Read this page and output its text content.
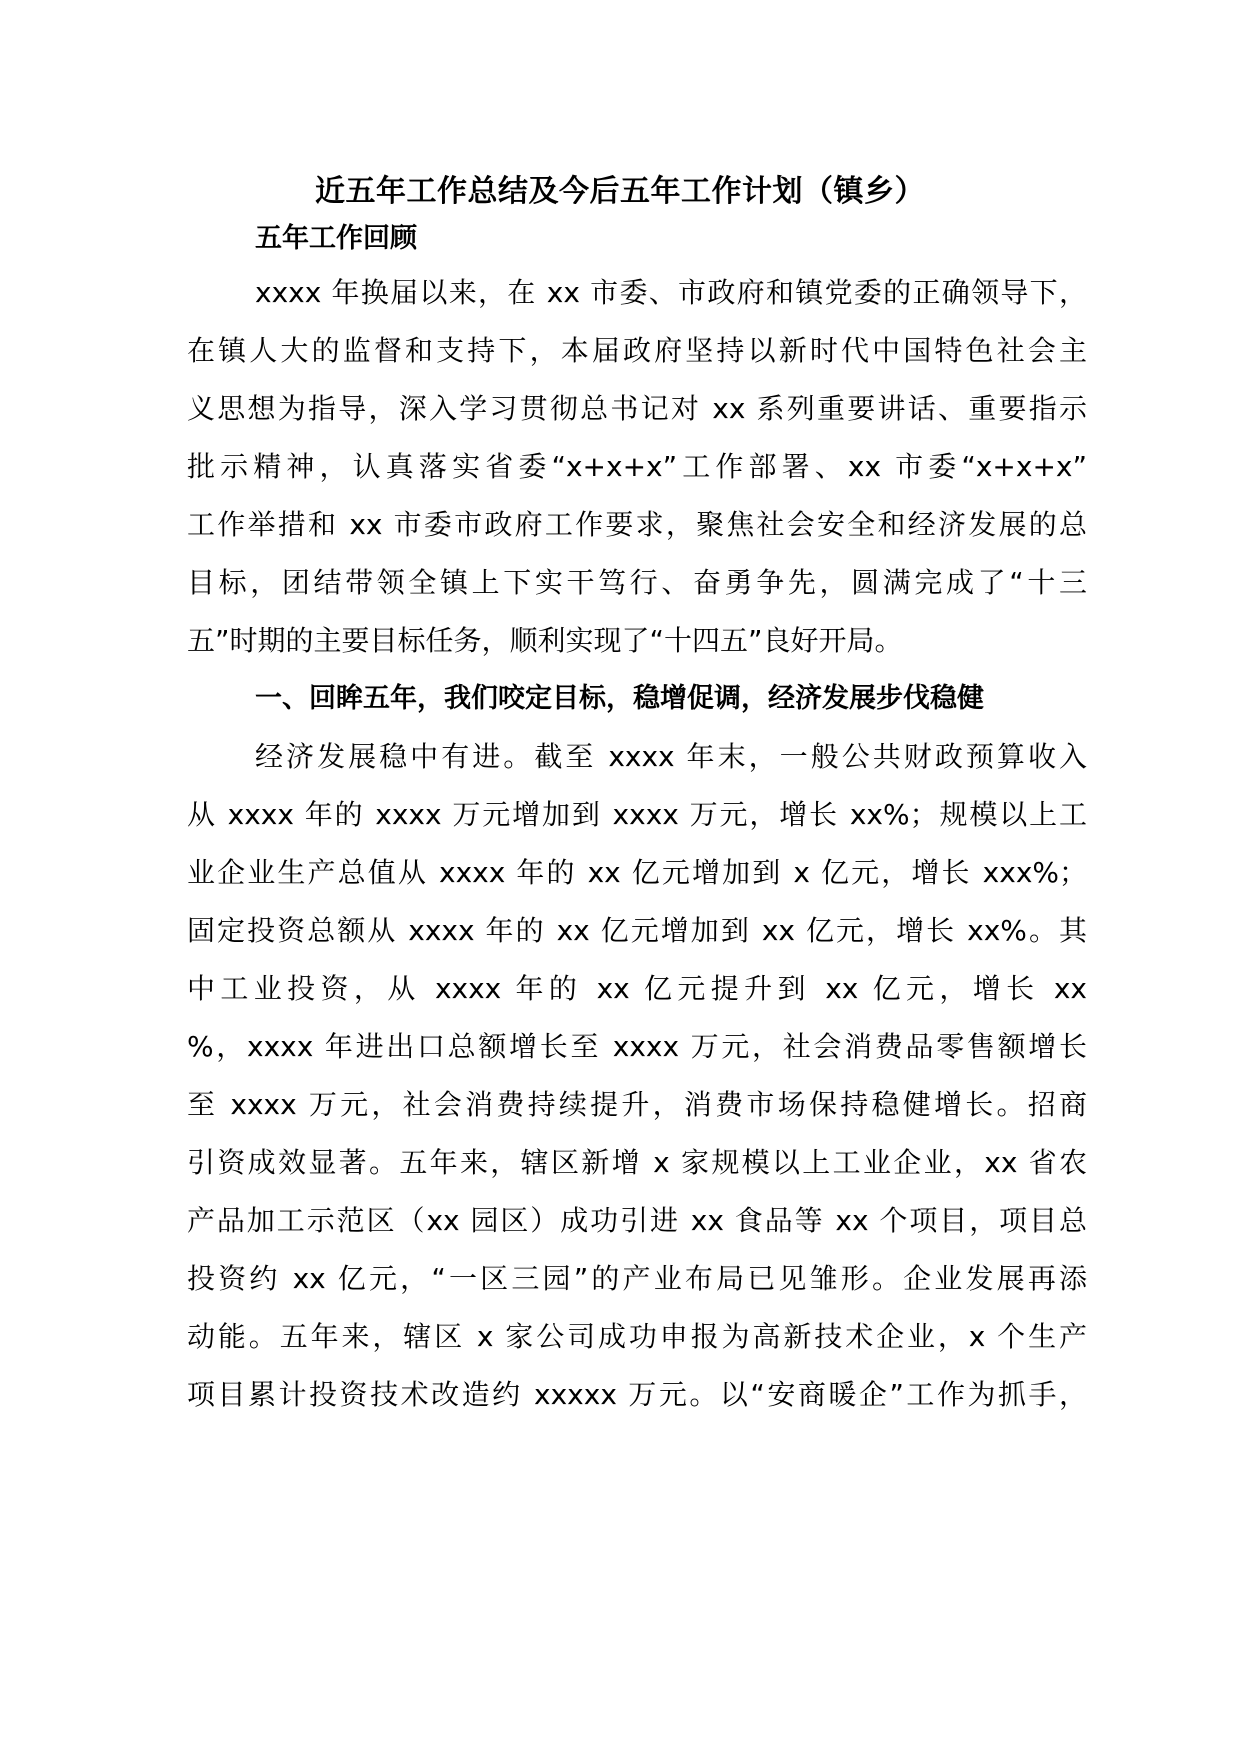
近五年工作总结及今后五年工作计划（镇乡）
五年工作回顾
xxxx 年换届以来，在 xx 市委、市政府和镇党委的正确领导下，
在镇人大的监督和支持下，本届政府坚持以新时代中国特色社会主
义思想为指导，深入学习贯彻总书记对 xx 系列重要讲话、重要指示
批示精神，认真落实省委“x+x+x”工作部署、xx 市委“x+x+x”
工作举措和 xx 市委市政府工作要求，聚焦社会安全和经济发展的总
目标，团结带领全镇上下实干笃行、奋勇争先，圆满完成了“十三
五”时期的主要目标任务，顺利实现了“十四五”良好开局。
一、回眸五年，我们咬定目标，稳增促调，经济发展步伐稳健
经济发展稳中有进。截至 xxxx 年末，一般公共财政预算收入
从 xxxx 年的 xxxx 万元增加到 xxxx 万元，增长 xx%；规模以上工
业企业生产总值从 xxxx 年的 xx 亿元增加到 x 亿元，增长 xxx%；
固定投资总额从 xxxx 年的 xx 亿元增加到 xx 亿元，增长 xx%。其
中工业投资，从 xxxx 年的 xx 亿元提升到 xx 亿元，增长 xx
%，xxxx 年进出口总额增长至 xxxx 万元，社会消费品零售额增长
至 xxxx 万元，社会消费持续提升，消费市场保持稳健增长。招商
引资成效显著。五年来，辖区新增 x 家规模以上工业企业，xx 省农
产品加工示范区（xx 园区）成功引进 xx 食品等 xx 个项目，项目总
投资约 xx 亿元，“一区三园”的产业布局已见雏形。企业发展再添
动能。五年来，辖区 x 家公司成功申报为高新技术企业，x 个生产
项目累计投资技术改造约 xxxxx 万元。以“安商暖企”工作为抓手，
